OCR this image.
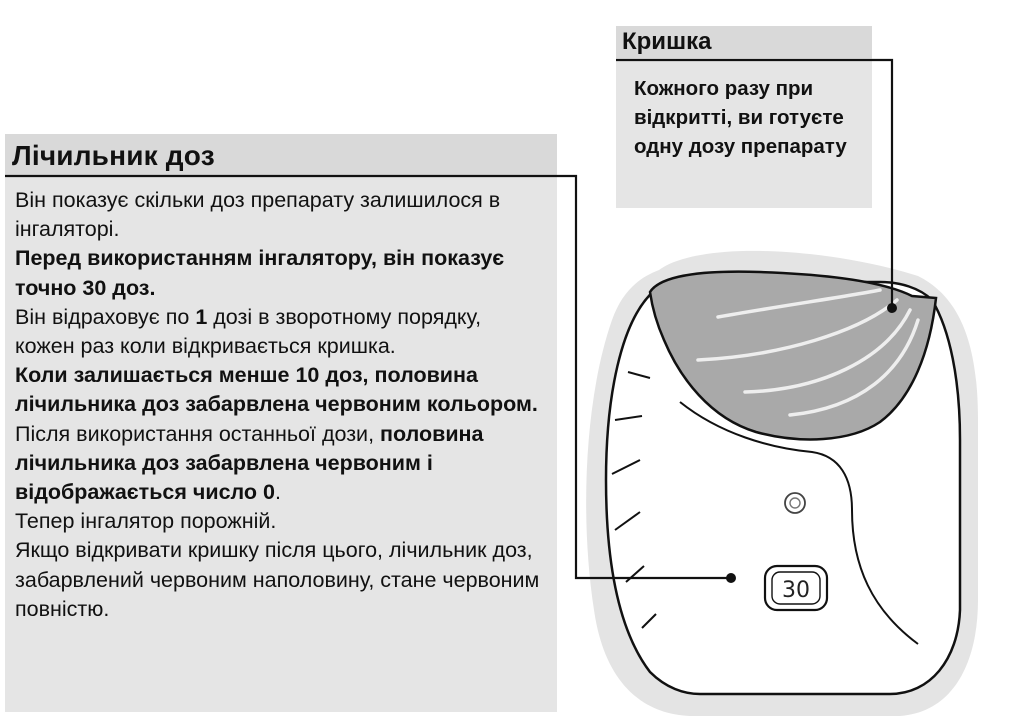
Лічильник доз

Він показує скільки доз препарату залишилося в інгаляторі.

Перед використанням інгалятору, він показує точно 30 доз.

Він відраховує по 1 дозі в зворотному порядку, кожен раз коли відкривається кришка.

Коли залишається менше 10 доз, половина лічильника доз забарвлена червоним кольором.

Після використання останньої дози, половина лічильника доз забарвлена червоним і відображається число 0.

Тепер інгалятор порожній.

Якщо відкривати кришку після цього, лічильник доз, забарвлений червоним наполовину, стане червоним повністю.

Кришка
Кожного разу при відкритті, ви готуєте одну дозу препарату
30
